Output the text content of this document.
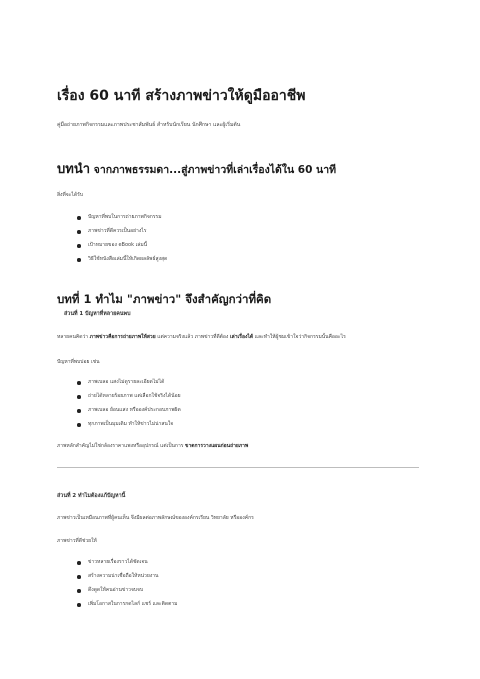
เรื่อง 60 นาที สร้างภาพข่าวให้ดูมืออาชีพ

คู่มือถ่ายภาพกิจกรรมและภาพประชาสัมพันธ์ สำหรับนักเรียน นักศึกษา และผู้เริ่มต้น

บทนำ จากภาพธรรมดา...สู่ภาพข่าวที่เล่าเรื่องได้ใน 60 นาที

สิ่งที่จะได้รับ

ปัญหาที่พบในการถ่ายภาพกิจกรรม
ภาพข่าวที่ดีควรเป็นอย่างไร
เป้าหมายของ eBook เล่มนี้
วิธีใช้หนังสือเล่มนี้ให้เกิดผลลัพธ์สูงสุด
บทที่ 1 ทำไม "ภาพข่าว" จึงสำคัญกว่าที่คิด

ส่วนที่ 1 ปัญหาที่หลายคนพบ

หลายคนคิดว่า ภาพข่าวคือการถ่ายภาพให้สวย แต่ความจริงแล้ว ภาพข่าวที่ดีต้อง เล่าเรื่องได้ และทำให้ผู้ชมเข้าใจว่ากิจกรรมนั้นคืออะไร

ปัญหาที่พบบ่อย เช่น

ภาพเบลอ แสงไม่ดูรายละเอียดไม่ได้
ถ่ายได้หลายร้อยภาพ แต่เลือกใช้จริงได้น้อย
ภาพเบลอ ย้อนแสง หรือองค์ประกอบภาพผิด
ทุกภาพเป็นมุมเดิม ทำให้ข่าวไม่น่าสนใจ

ภาพหลักสำคัญไม่ใช่กล้องราคาแพงหรืออุปกรณ์ แต่เป็นการ ขาดการวางแผนก่อนถ่ายภาพ

ส่วนที่ 2 ทำไมต้องแก้ปัญหานี้

ภาพข่าวเป็นเหมือนภาพที่ผู้คนเห็น จึงมีผลต่อภาพลักษณ์ขององค์กรเรียน วิทยาลัย หรือองค์กร

ภาพข่าวที่ดีช่วยให้

ข่าวหลายเรื่องราวได้ชัดเจน
สร้างความน่าเชื่อถือให้หน่วยงาน
ดึงดูดให้คนอ่านข่าวจบจบ
เพิ่มโอกาสในการกดไลก์ แชร์ และติดตาม
